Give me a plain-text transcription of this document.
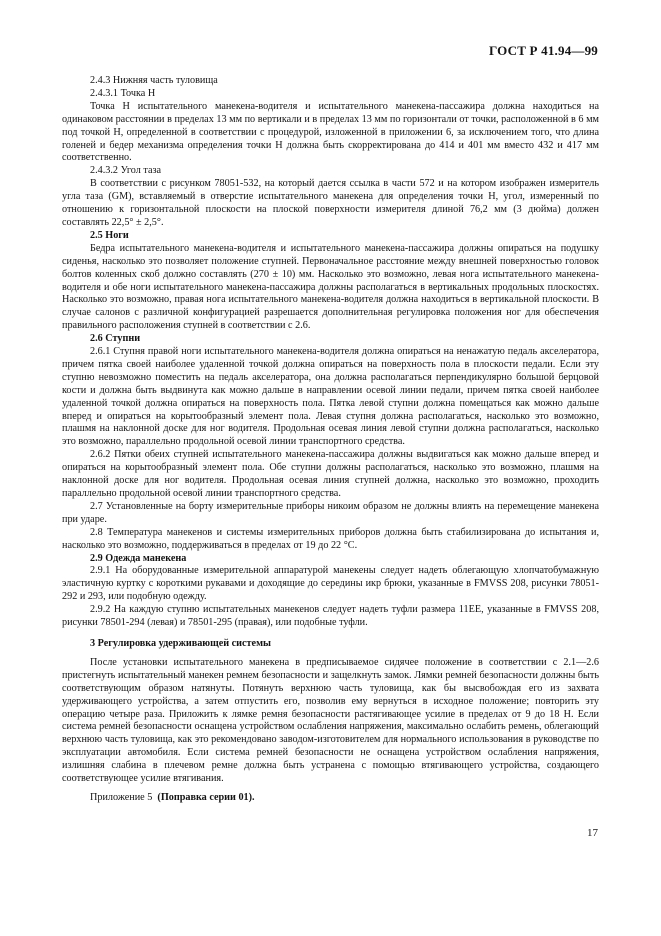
ГОСТ Р 41.94—99

2.4.3 Нижняя часть туловища

2.4.3.1 Точка H

Точка H испытательного манекена-водителя и испытательного манекена-пассажира должна находиться на одинаковом расстоянии в пределах 13 мм по вертикали и в пределах 13 мм по горизонтали от точки, расположенной в 6 мм под точкой H, определенной в соответствии с процедурой, изложенной в приложении 6, за исключением того, что длина голеней и бедер механизма определения точки H должна быть скорректирована до 414 и 401 мм вместо 432 и 417 мм соответственно.

2.4.3.2 Угол таза

В соответствии с рисунком 78051-532, на который дается ссылка в части 572 и на котором изображен измеритель угла таза (GM), вставляемый в отверстие испытательного манекена для определения точки H, угол, измеренный по отношению к горизонтальной плоскости на плоской поверхности измерителя длиной 76,2 мм (3 дюйма) должен составлять 22,5° ± 2,5°.

2.5 Ноги

Бедра испытательного манекена-водителя и испытательного манекена-пассажира должны опираться на подушку сиденья, насколько это позволяет положение ступней. Первоначальное расстояние между внешней поверхностью головок болтов коленных скоб должно составлять (270 ± 10) мм. Насколько это возможно, левая нога испытательного манекена-водителя и обе ноги испытательного манекена-пассажира должны располагаться в вертикальных продольных плоскостях. Насколько это возможно, правая нога испытательного манекена-водителя должна находиться в вертикальной плоскости. В случае салонов с различной конфигурацией разрешается дополнительная регулировка положения ног для обеспечения правильного расположения ступней в соответствии с 2.6.

2.6 Ступни

2.6.1 Ступня правой ноги испытательного манекена-водителя должна опираться на ненажатую педаль акселератора, причем пятка своей наиболее удаленной точкой должна опираться на поверхность пола в плоскости педали. Если эту ступню невозможно поместить на педаль акселератора, она должна располагаться перпендикулярно большой берцовой кости и должна быть выдвинута как можно дальше в направлении осевой линии педали, причем пятка своей наиболее удаленной точкой должна опираться на поверхность пола. Пятка левой ступни должна помещаться как можно дальше вперед и опираться на корытообразный элемент пола. Левая ступня должна располагаться, насколько это возможно, плашмя на наклонной доске для ног водителя. Продольная осевая линия левой ступни должна располагаться, насколько это возможно, параллельно продольной осевой линии транспортного средства.

2.6.2 Пятки обеих ступней испытательного манекена-пассажира должны выдвигаться как можно дальше вперед и опираться на корытообразный элемент пола. Обе ступни должны располагаться, насколько это возможно, плашмя на наклонной доске для ног водителя. Продольная осевая линия ступней должна, насколько это возможно, проходить параллельно продольной осевой линии транспортного средства.

2.7 Установленные на борту измерительные приборы никоим образом не должны влиять на перемещение манекена при ударе.

2.8 Температура манекенов и системы измерительных приборов должна быть стабилизирована до испытания и, насколько это возможно, поддерживаться в пределах от 19 до 22 °С.

2.9 Одежда манекена

2.9.1 На оборудованные измерительной аппаратурой манекены следует надеть облегающую хлопчатобумажную эластичную куртку с короткими рукавами и доходящие до середины икр брюки, указанные в FMVSS 208, рисунки 78051-292 и 293, или подобную одежду.

2.9.2 На каждую ступню испытательных манекенов следует надеть туфли размера 11EE, указанные в FMVSS 208, рисунки 78501-294 (левая) и 78501-295 (правая), или подобные туфли.

3 Регулировка удерживающей системы

После установки испытательного манекена в предписываемое сидячее положение в соответствии с 2.1—2.6 пристегнуть испытательный манекен ремнем безопасности и защелкнуть замок. Лямки ремней безопасности должны быть соответствующим образом натянуты. Потянуть верхнюю часть туловища, как бы высвобождая его из захвата удерживающего устройства, а затем отпустить его, позволив ему вернуться в исходное положение; повторить эту операцию четыре раза. Приложить к лямке ремня безопасности растягивающее усилие в пределах от 9 до 18 Н. Если система ремней безопасности оснащена устройством ослабления напряжения, максимально ослабить ремень, облегающий верхнюю часть туловища, как это рекомендовано заводом-изготовителем для нормального использования в руководстве по эксплуатации автомобиля. Если система ремней безопасности не оснащена устройством ослабления напряжения, излишняя слабина в плечевом ремне должна быть устранена с помощью втягивающего устройства, создающего соответствующее усилие втягивания.

Приложение 5 (Поправка серии 01).

17
